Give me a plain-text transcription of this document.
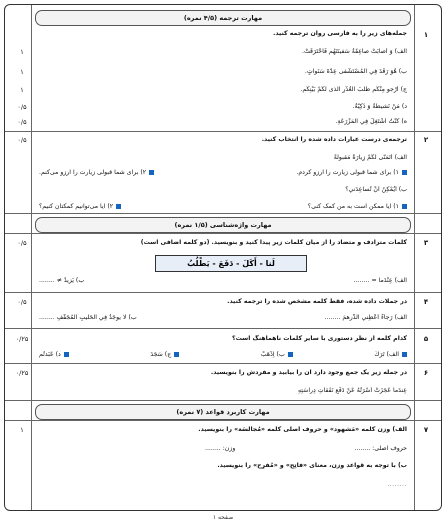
مهارت ترجمه (۴/۵ نمره)
۱
جمله‌های زیر را به فارسی روان ترجمه کنید.
الف) وَ أَصابَتْ صاعِقَةٌ سَفينَتَهُم فَاحْتَرَقَتْ.
۱
ب) هُوَ رَقَدَ فِي الْمُسْتَشْفى عِدَّةَ سَنَواتٍ.
۱
ج) أَرْجو مِنْكُم طَلَبَ الْعُذْرِ الَّذى لَكُمْ بَيْنِكُم.
۱
د) مَنْ نَشيطَةٌ وَ ذَكِيَّةٌ.
۰/۵
ه) كُنْتُ أَشْتَغِلُ فِي الْمَزْرَعَةِ.
۰/۵
۲
۰/۵	ترجمه‌ی درست عبارات داده شده را انتخاب کنید.
الف) أَتَمَنّى لَكُمْ زِيارَةً مَقبولَةً
۱) برای شما قبولی زیارت را آرزو کردم.
۲) برای شما قبولی زیارت را آرزو می‌کنم.
ب) أَيُمْكِنُ أَنْ تُساعِدَني؟
۱) آیا ممکن است به من کمک کنی؟
۲) آیا می‌توانیم کمکتان کنیم؟
مهارت واژه‌شناسی (۱/۵ نمره)
۳
۰/۵	کلمات مترادف و متضاد را از میان کلمات زیر پیدا کنید و بنویسید. (دو کلمه اضافی است)
لَنا - أَكَلَ - دَفَعَ - يَطْلُبُ
الف) عِنْدَما = ........
ب) يَزيدُ ≠ ........
۴
۰/۵	در جملات داده شده، فقط کلمه مشخص شده را ترجمه کنید.
الف) رَجاءً أَعْطِني الدِّرهمَ ........
ب) لا يوجَدُ فِي الْحَليبِ الْمُجَفَّفِ ........
۵
۰/۲۵	کدام کلمه از نظر دستوری با سایر کلمات ناهماهنگ است؟
الف) تَرَكَ
ب) اِذْهَبْ
ج) سَجَدَ
د) عَبَدتُم
۶
۰/۲۵	در جمله زیر یک جمع وجود دارد آن را بیابید و مفردش را بنویسید.
عِندَما عَجَزَتْ أُسْرَتُهُ عَنْ دَفْعِ نَفَقاتِ دِراسَتِهِ
مهارت کاربرد قواعد (۷ نمره)
۷
۱	الف) وزن کلمه «مَشهود» و حروف اصلی کلمه «مُجالَسَة» را بنویسید.
حروف اصلی: ........
وزن: ........
ب) با توجه به قواعد وزن، معنای «فاتِح» و «مُفرِح» را بنویسید.
........
صفحه ۱
